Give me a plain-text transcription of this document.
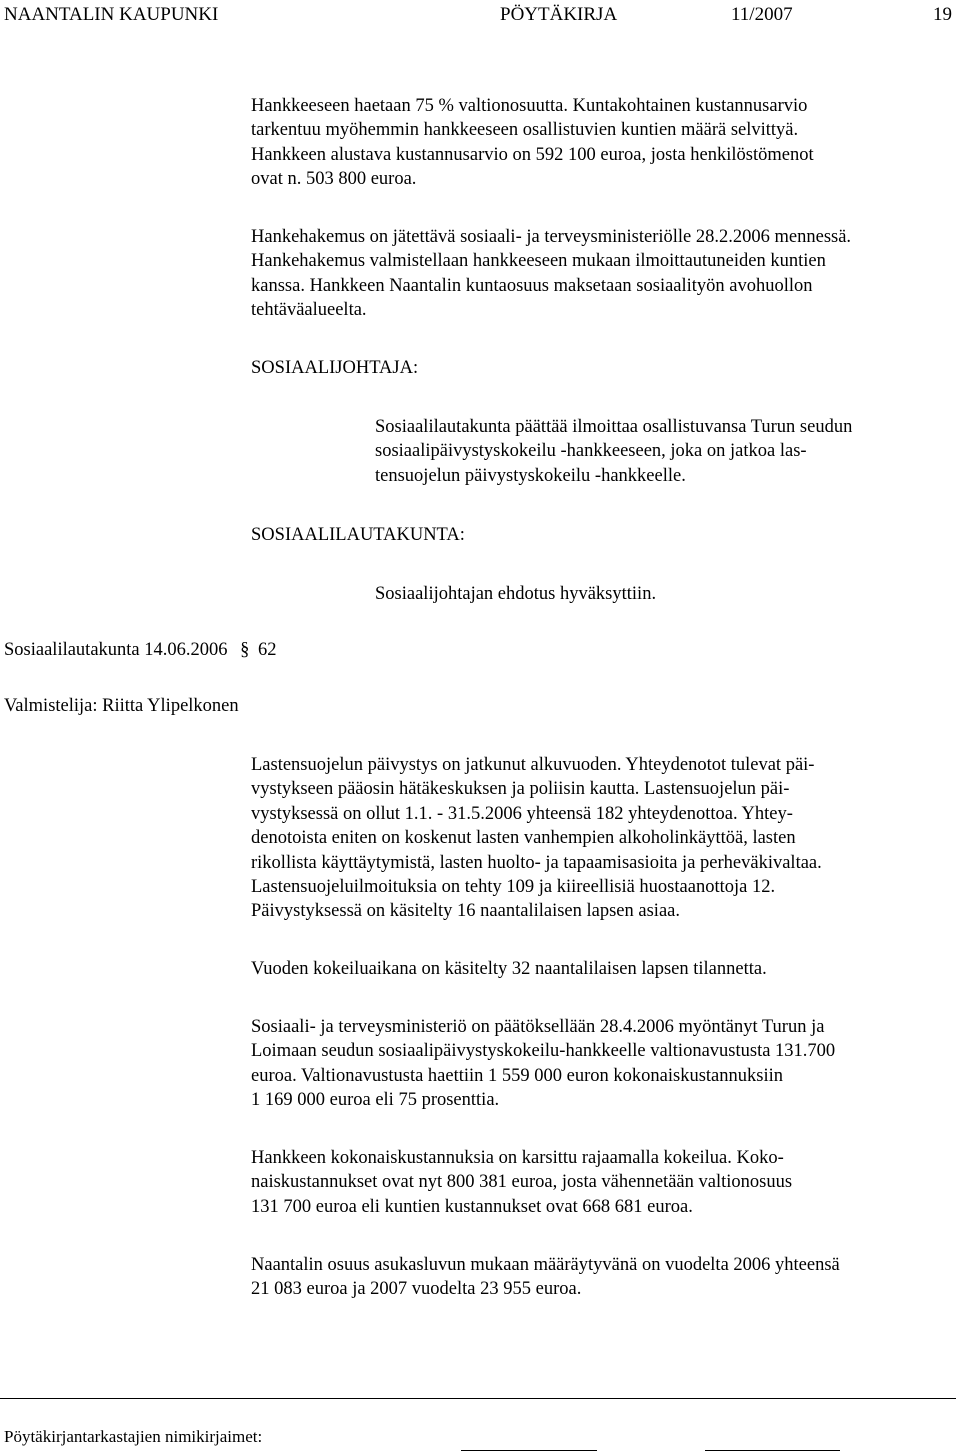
NAANTALIN KAUPUNKI	PÖYTÄKIRJA	11/2007	19
Hankkeeseen haetaan 75 % valtionosuutta. Kuntakohtainen kustannusarvio
tarkentuu myöhemmin hankkeeseen osallistuvien kuntien määrä selvittyä.
Hankkeen alustava kustannusarvio on 592 100 euroa, josta henkilöstömenot
ovat n. 503 800 euroa.
Hankehakemus on jätettävä sosiaali- ja terveysministeriölle 28.2.2006 mennessä.
Hankehakemus valmistellaan hankkeeseen mukaan ilmoittautuneiden kuntien
kanssa. Hankkeen Naantalin kuntaosuus maksetaan sosiaalityön avohuollon
tehtäväalueelta.
SOSIAALIJOHTAJA:
Sosiaalilautakunta päättää ilmoittaa osallistuvansa Turun seudun
sosiaalipäivystyskokeilu -hankkeeseen, joka on jatkoa las-
tensuojelun päivystyskokeilu -hankkeelle.
SOSIAALILAUTAKUNTA:
Sosiaalijohtajan ehdotus hyväksyttiin.
Sosiaalilautakunta 14.06.2006 § 62
Valmistelija: Riitta Ylipelkonen
Lastensuojelun päivystys on jatkunut alkuvuoden. Yhteydenotot tulevat päi-
vystykseen pääosin hätäkeskuksen ja poliisin kautta. Lastensuojelun päi-
vystyksessä on ollut 1.1. - 31.5.2006 yhteensä 182 yhteydenottoa. Yhtey-
denotoista eniten on koskenut lasten vanhempien alkoholinkäyttöä, lasten
rikollista käyttäytymistä, lasten huolto- ja tapaamisasioita ja perheväkivaltaa.
Lastensuojeluilmoituksia on tehty 109 ja kiireellisiä huostaanottoja 12.
Päivystyksessä on käsitelty 16 naantalilaisen lapsen asiaa.
Vuoden kokeiluaikana on käsitelty 32 naantalilaisen lapsen tilannetta.
Sosiaali- ja terveysministeriö on päätöksellään 28.4.2006 myöntänyt Turun ja
Loimaan seudun sosiaalipäivystyskokeilu-hankkeelle valtionavustusta 131.700
euroa. Valtionavustusta haettiin 1 559 000 euron kokonaiskustannuksiin
1 169 000 euroa eli 75 prosenttia.
Hankkeen kokonaiskustannuksia on karsittu rajaamalla kokeilua. Koko-
naiskustannukset ovat nyt 800 381 euroa, josta vähennetään valtionosuus
131 700 euroa eli kuntien kustannukset ovat 668 681 euroa.
Naantalin osuus asukasluvun mukaan määräytyvänä on vuodelta 2006 yhteensä
21 083 euroa ja 2007 vuodelta 23 955 euroa.
Pöytäkirjantarkastajien nimikirjaimet:
